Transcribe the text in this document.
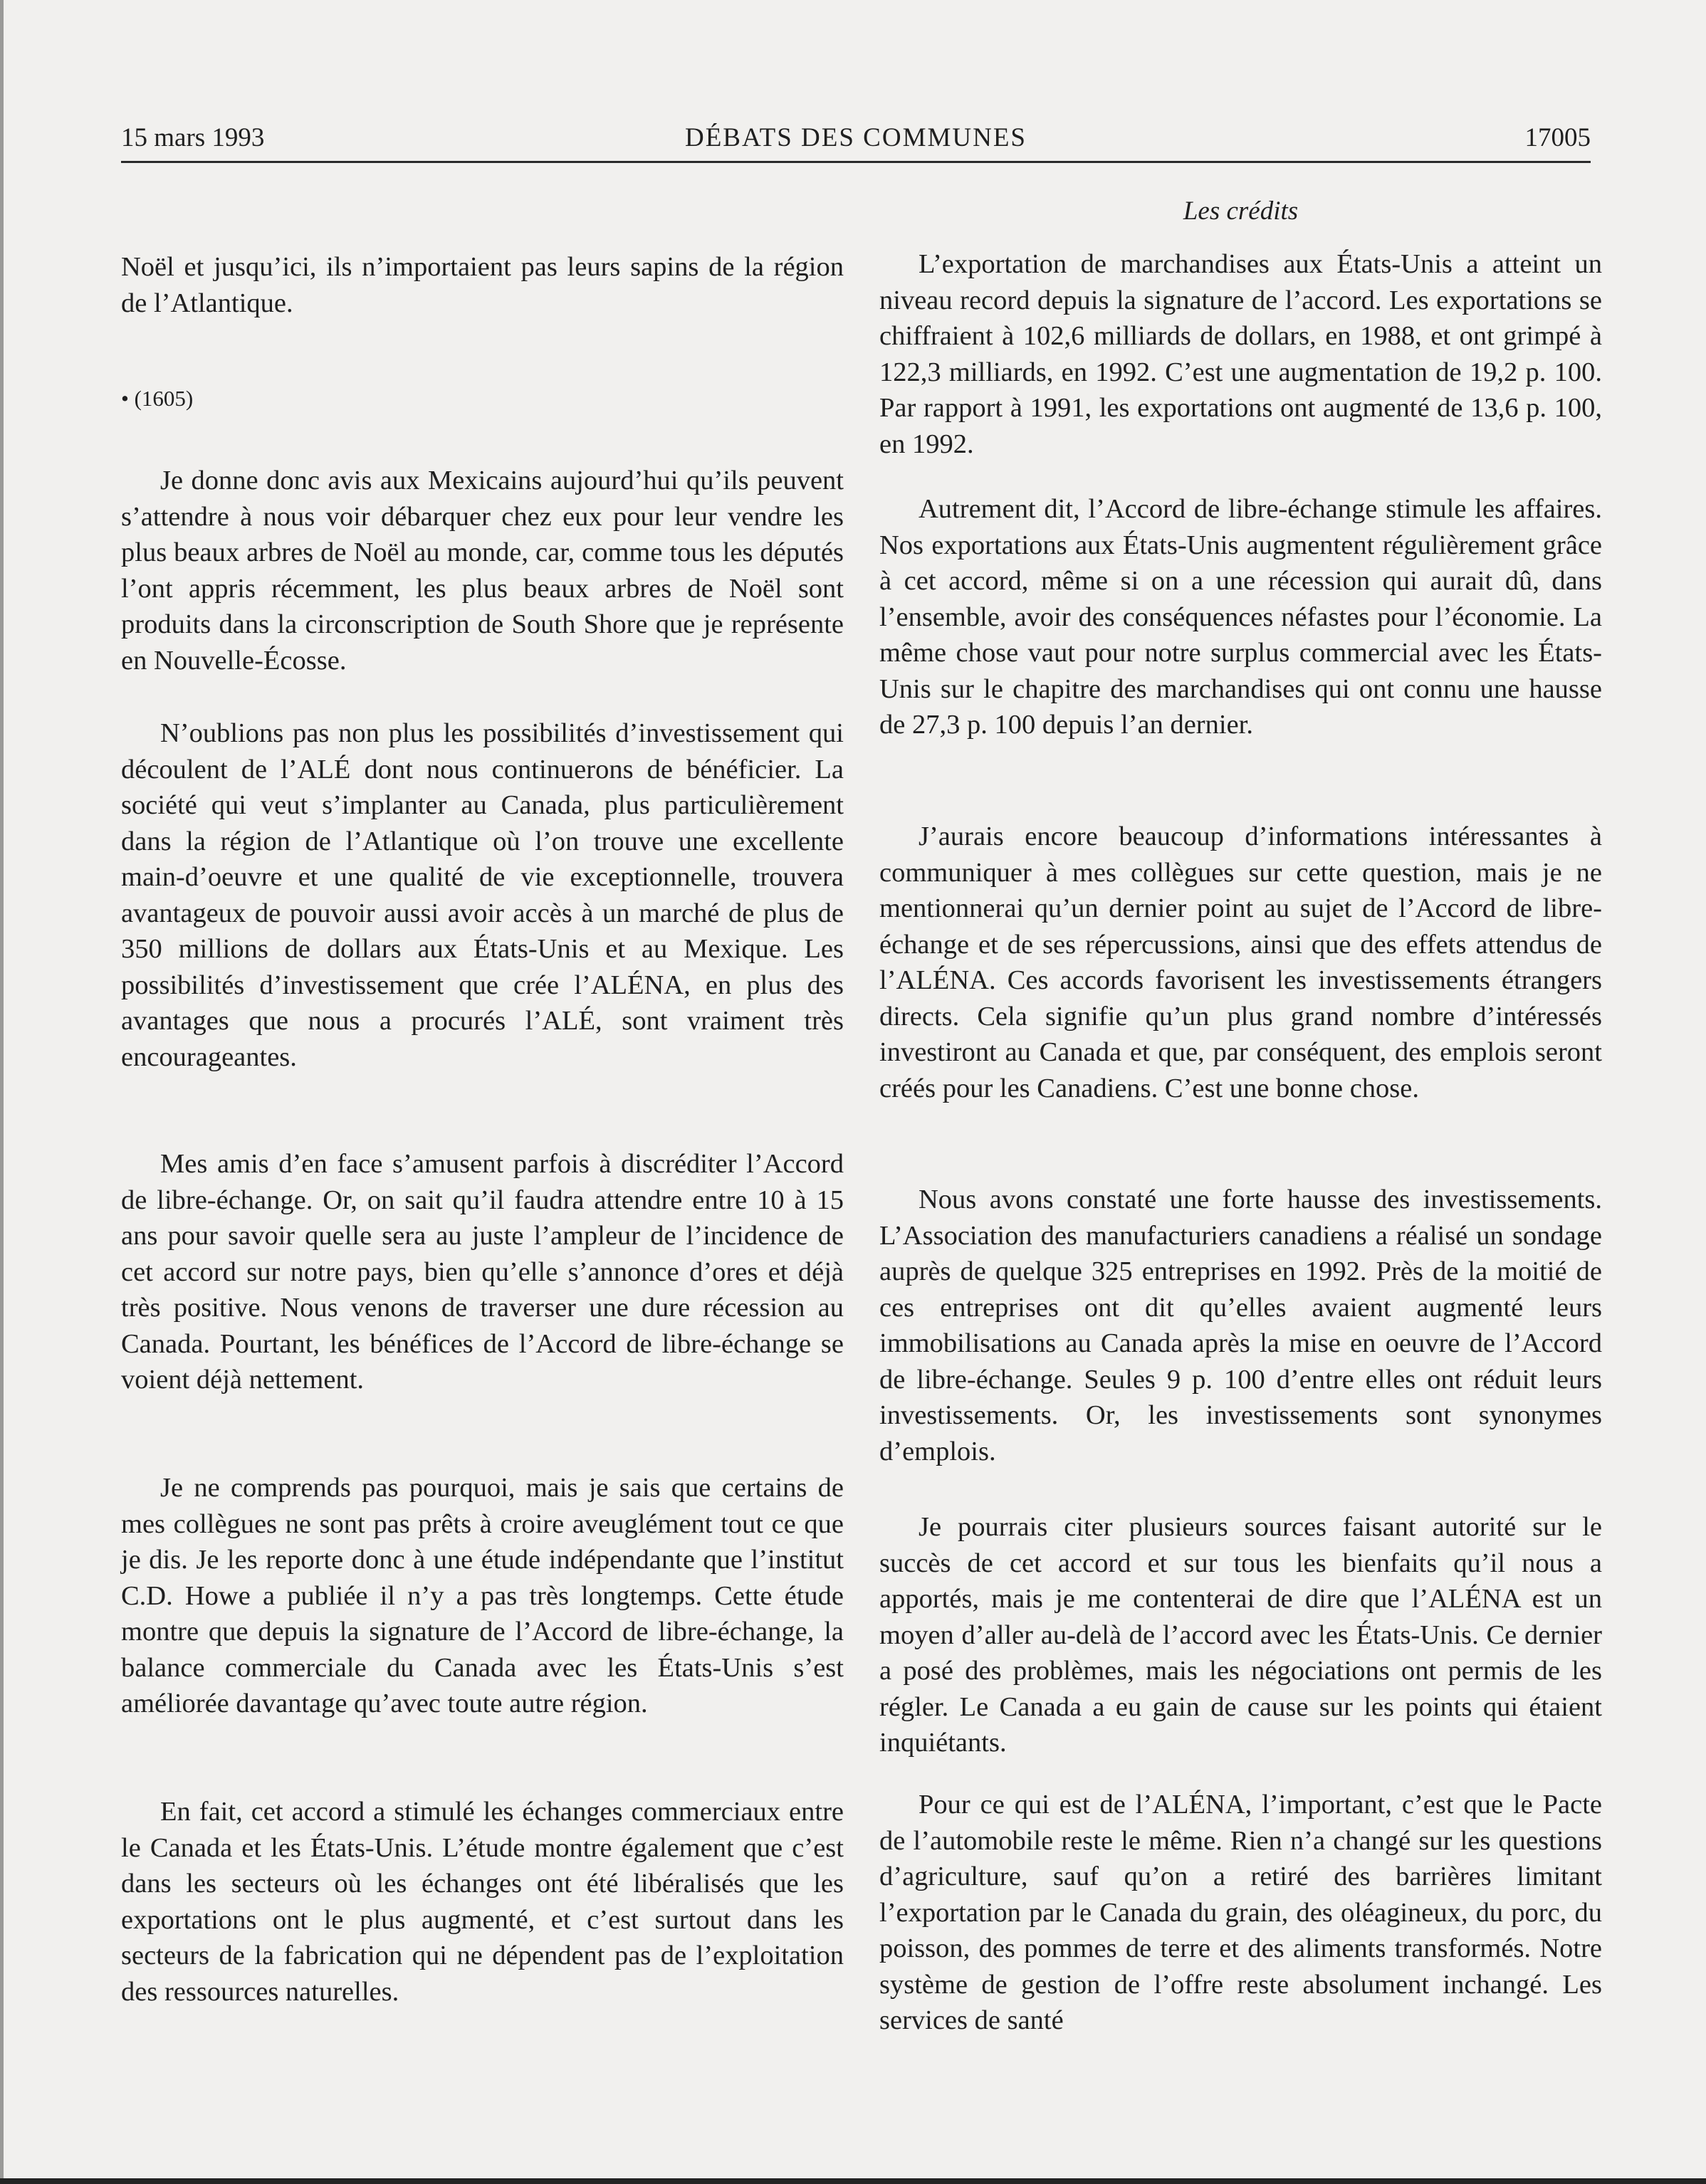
DÉBATS DES COMMUNES
15 mars 1993	17005

Noël et jusqu’ici, ils n’importaient pas leurs sapins de la région de l’Atlantique.

• (1605)

Je donne donc avis aux Mexicains aujourd’hui qu’ils peuvent s’attendre à nous voir débarquer chez eux pour leur vendre les plus beaux arbres de Noël au monde, car, comme tous les députés l’ont appris récemment, les plus beaux arbres de Noël sont produits dans la circonscription de South Shore que je représente en Nouvelle-Écosse.

N’oublions pas non plus les possibilités d’investissement qui découlent de l’ALÉ dont nous continuerons de bénéficier. La société qui veut s’implanter au Canada, plus particulièrement dans la région de l’Atlantique où l’on trouve une excellente main-d’oeuvre et une qualité de vie exceptionnelle, trouvera avantageux de pouvoir aussi avoir accès à un marché de plus de 350 millions de dollars aux États-Unis et au Mexique. Les possibilités d’investissement que crée l’ALÉNA, en plus des avantages que nous a procurés l’ALÉ, sont vraiment très encourageantes.

Mes amis d’en face s’amusent parfois à discréditer l’Accord de libre-échange. Or, on sait qu’il faudra attendre entre 10 à 15 ans pour savoir quelle sera au juste l’ampleur de l’incidence de cet accord sur notre pays, bien qu’elle s’annonce d’ores et déjà très positive. Nous venons de traverser une dure récession au Canada. Pourtant, les bénéfices de l’Accord de libre-échange se voient déjà nettement.

Je ne comprends pas pourquoi, mais je sais que certains de mes collègues ne sont pas prêts à croire aveuglément tout ce que je dis. Je les reporte donc à une étude indépendante que l’institut C.D. Howe a publiée il n’y a pas très longtemps. Cette étude montre que depuis la signature de l’Accord de libre-échange, la balance commerciale du Canada avec les États-Unis s’est améliorée davantage qu’avec toute autre région.

En fait, cet accord a stimulé les échanges commerciaux entre le Canada et les États-Unis. L’étude montre également que c’est dans les secteurs où les échanges ont été libéralisés que les exportations ont le plus augmenté, et c’est surtout dans les secteurs de la fabrication qui ne dépendent pas de l’exploitation des ressources naturelles.

Les crédits

L’exportation de marchandises aux États-Unis a atteint un niveau record depuis la signature de l’accord. Les exportations se chiffraient à 102,6 milliards de dollars, en 1988, et ont grimpé à 122,3 milliards, en 1992. C’est une augmentation de 19,2 p. 100. Par rapport à 1991, les exportations ont augmenté de 13,6 p. 100, en 1992.

Autrement dit, l’Accord de libre-échange stimule les affaires. Nos exportations aux États-Unis augmentent régulièrement grâce à cet accord, même si on a une récession qui aurait dû, dans l’ensemble, avoir des conséquences néfastes pour l’économie. La même chose vaut pour notre surplus commercial avec les États-Unis sur le chapitre des marchandises qui ont connu une hausse de 27,3 p. 100 depuis l’an dernier.

J’aurais encore beaucoup d’informations intéressantes à communiquer à mes collègues sur cette question, mais je ne mentionnerai qu’un dernier point au sujet de l’Accord de libre-échange et de ses répercussions, ainsi que des effets attendus de l’ALÉNA. Ces accords favorisent les investissements étrangers directs. Cela signifie qu’un plus grand nombre d’intéressés investiront au Canada et que, par conséquent, des emplois seront créés pour les Canadiens. C’est une bonne chose.

Nous avons constaté une forte hausse des investissements. L’Association des manufacturiers canadiens a réalisé un sondage auprès de quelque 325 entreprises en 1992. Près de la moitié de ces entreprises ont dit qu’elles avaient augmenté leurs immobilisations au Canada après la mise en oeuvre de l’Accord de libre-échange. Seules 9 p. 100 d’entre elles ont réduit leurs investissements. Or, les investissements sont synonymes d’emplois.

Je pourrais citer plusieurs sources faisant autorité sur le succès de cet accord et sur tous les bienfaits qu’il nous a apportés, mais je me contenterai de dire que l’ALÉNA est un moyen d’aller au-delà de l’accord avec les États-Unis. Ce dernier a posé des problèmes, mais les négociations ont permis de les régler. Le Canada a eu gain de cause sur les points qui étaient inquiétants.

Pour ce qui est de l’ALÉNA, l’important, c’est que le Pacte de l’automobile reste le même. Rien n’a changé sur les questions d’agriculture, sauf qu’on a retiré des barrières limitant l’exportation par le Canada du grain, des oléagineux, du porc, du poisson, des pommes de terre et des aliments transformés. Notre système de gestion de l’offre reste absolument inchangé. Les services de santé
